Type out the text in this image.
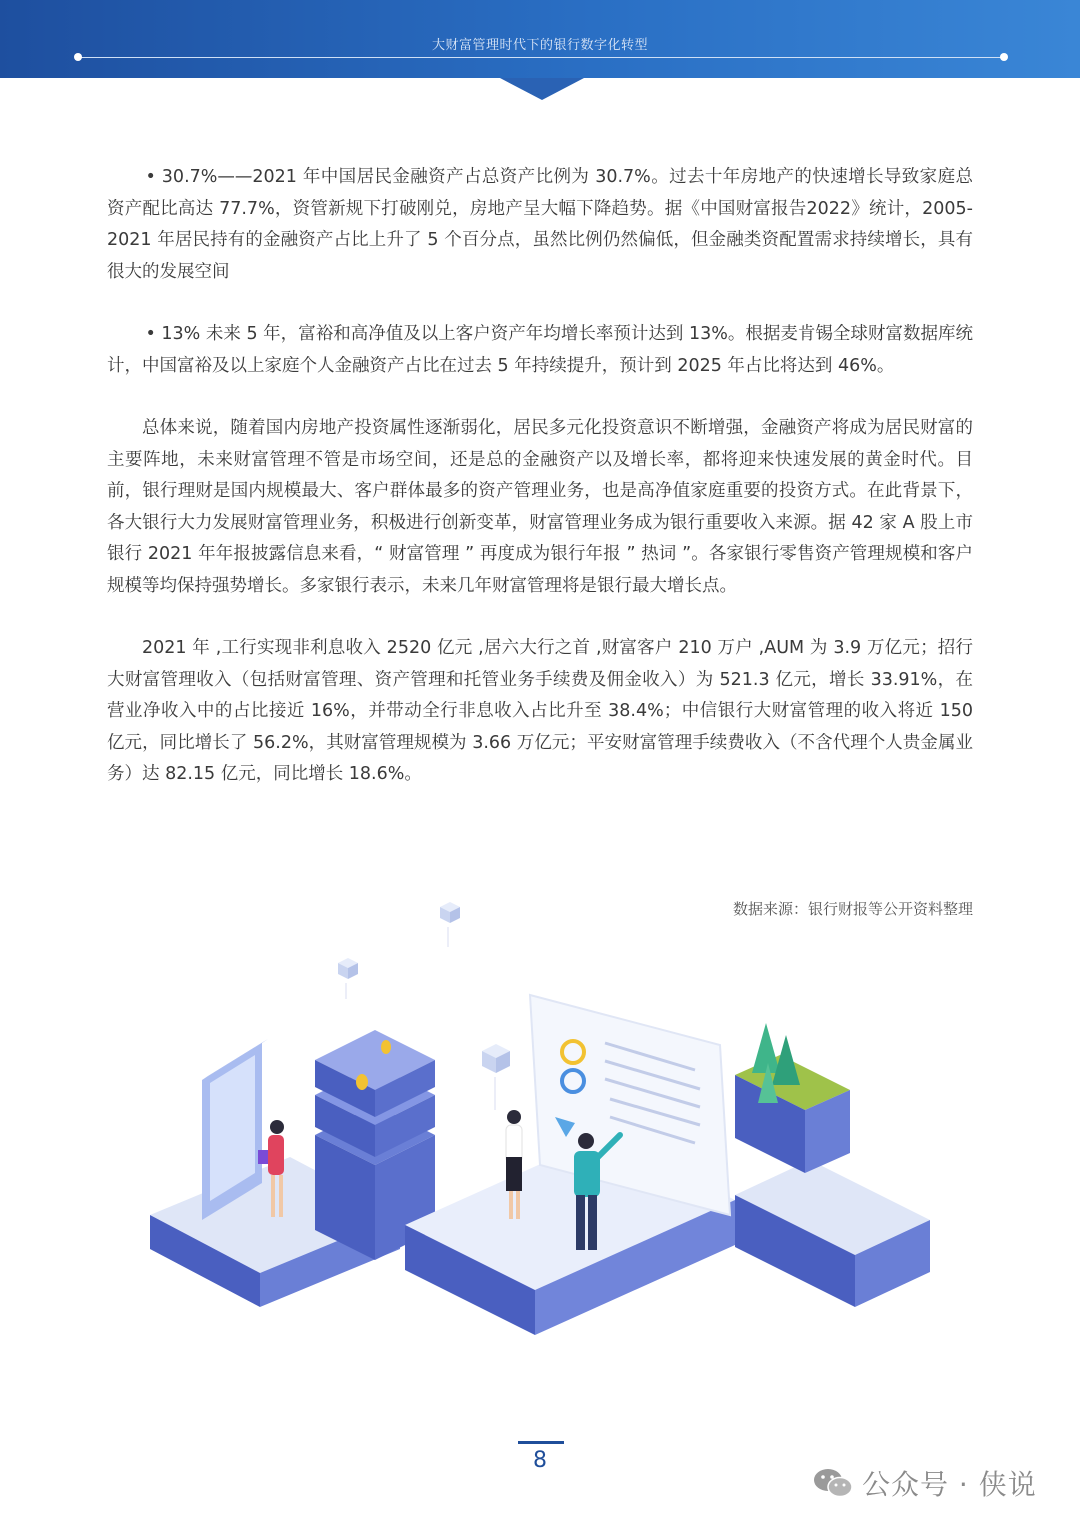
大财富管理时代下的银行数字化转型

• 30.7%——2021 年中国居民金融资产占总资产比例为 30.7%。过去十年房地产的快速增长导致家庭总资产配比高达 77.7%，资管新规下打破刚兑，房地产呈大幅下降趋势。据《中国财富报告2022》统计，2005-2021 年居民持有的金融资产占比上升了 5 个百分点，虽然比例仍然偏低，但金融类资配置需求持续增长，具有很大的发展空间

• 13% 未来 5 年，富裕和高净值及以上客户资产年均增长率预计达到 13%。根据麦肯锡全球财富数据库统计，中国富裕及以上家庭个人金融资产占比在过去 5 年持续提升，预计到 2025 年占比将达到 46%。

总体来说，随着国内房地产投资属性逐渐弱化，居民多元化投资意识不断增强，金融资产将成为居民财富的主要阵地，未来财富管理不管是市场空间，还是总的金融资产以及增长率，都将迎来快速发展的黄金时代。目前，银行理财是国内规模最大、客户群体最多的资产管理业务，也是高净值家庭重要的投资方式。在此背景下，各大银行大力发展财富管理业务，积极进行创新变革，财富管理业务成为银行重要收入来源。据 42 家 A 股上市银行 2021 年年报披露信息来看，“ 财富管理 ” 再度成为银行年报 ” 热词 ”。各家银行零售资产管理规模和客户规模等均保持强势增长。多家银行表示，未来几年财富管理将是银行最大增长点。

2021 年 ,工行实现非利息收入 2520 亿元 ,居六大行之首 ,财富客户 210 万户 ,AUM 为 3.9 万亿元；招行大财富管理收入（包括财富管理、资产管理和托管业务手续费及佣金收入）为 521.3 亿元，增长 33.91%，在营业净收入中的占比接近 16%，并带动全行非息收入占比升至 38.4%；中信银行大财富管理的收入将近 150 亿元，同比增长了 56.2%，其财富管理规模为 3.66 万亿元；平安财富管理手续费收入（不含代理个人贵金属业务）达 82.15 亿元，同比增长 18.6%。

数据来源：银行财报等公开资料整理
8
公众号 · 侠说
